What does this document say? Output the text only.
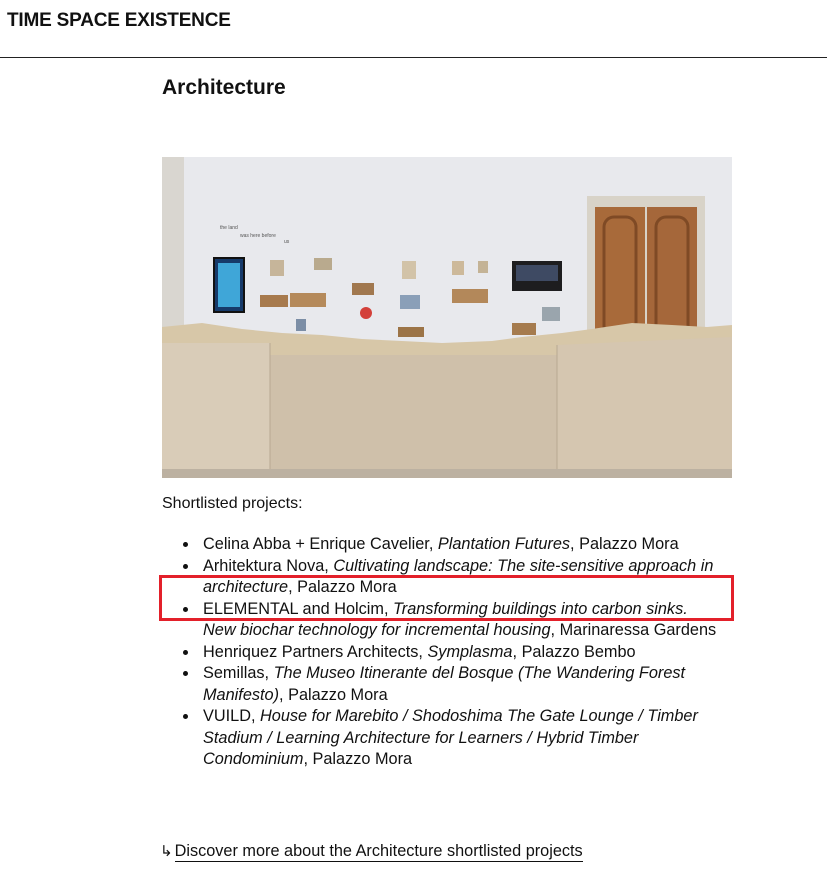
TIME SPACE EXISTENCE
Architecture
the land
was here before
us

Shortlisted projects:

Celina Abba + Enrique Cavelier, Plantation Futures, Palazzo Mora
Arhitektura Nova, Cultivating landscape: The site-sensitive approach in architecture, Palazzo Mora
ELEMENTAL and Holcim, Transforming buildings into carbon sinks. New biochar technology for incremental housing, Marinaressa Gardens
Henriquez Partners Architects, Symplasma, Palazzo Bembo
Semillas, The Museo Itinerante del Bosque (The Wandering Forest Manifesto), Palazzo Mora
VUILD, House for Marebito / Shodoshima The Gate Lounge / Timber Stadium / Learning Architecture for Learners / Hybrid Timber Condominium, Palazzo Mora
↳ Discover more about the Architecture shortlisted projects
